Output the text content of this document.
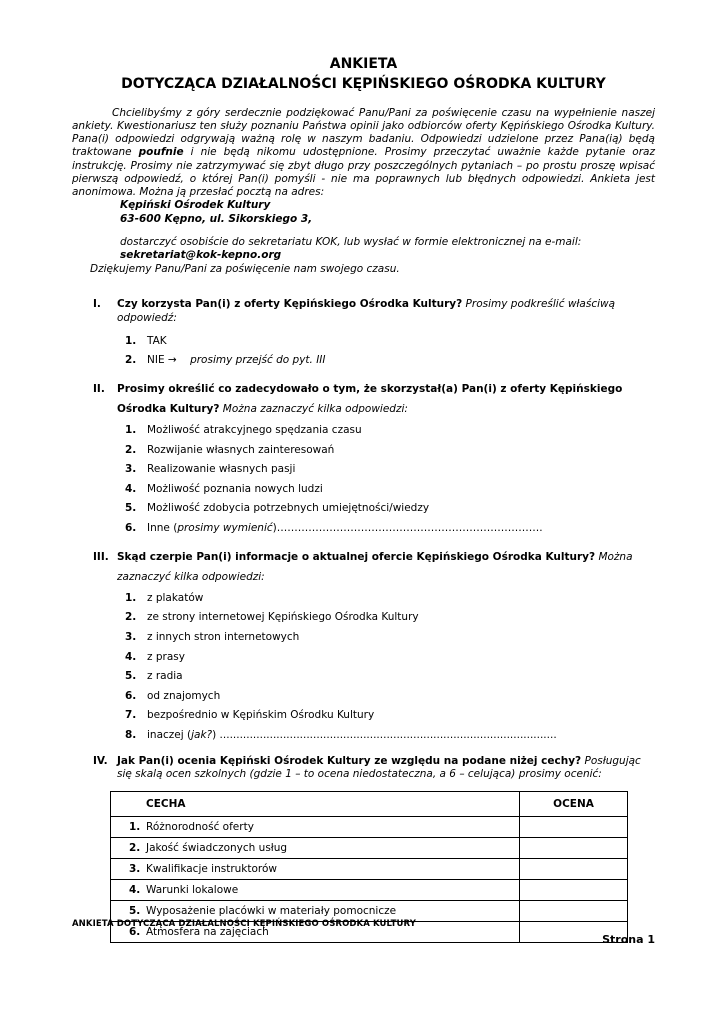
ANKIETA
DOTYCZĄCA DZIAŁALNOŚCI KĘPIŃSKIEGO OŚRODKA KULTURY

Chcielibyśmy z góry serdecznie podziękować Panu/Pani za poświęcenie czasu na wypełnienie naszej ankiety. Kwestionariusz ten służy poznaniu Państwa opinii jako odbiorców oferty Kępińskiego Ośrodka Kultury. Pana(i) odpowiedzi odgrywają ważną rolę w naszym badaniu. Odpowiedzi udzielone przez Pana(ią) będą traktowane poufnie i nie będą nikomu udostępnione. Prosimy przeczytać uważnie każde pytanie oraz instrukcję. Prosimy nie zatrzymywać się zbyt długo przy poszczególnych pytaniach – po prostu proszę wpisać pierwszą odpowiedź, o której Pan(i) pomyśli - nie ma poprawnych lub błędnych odpowiedzi. Ankieta jest anonimowa. Można ją przesłać pocztą na adres:

Kępiński Ośrodek Kultury
63-600 Kępno, ul. Sikorskiego 3,
dostarczyć osobiście do sekretariatu KOK, lub wysłać w formie elektronicznej na e-mail:
sekretariat@kok-kepno.org
Dziękujemy Panu/Pani za poświęcenie nam swojego czasu.
I.	Czy korzysta Pan(i) z oferty Kępińskiego Ośrodka Kultury? Prosimy podkreślić właściwą odpowiedź:
1.	TAK
2.	NIE →    prosimy przejść do pyt. III
II.	Prosimy określić co zadecydowało o tym, że skorzystał(a) Pan(i) z oferty Kępińskiego Ośrodka Kultury? Można zaznaczyć kilka odpowiedzi:
1.	Możliwość atrakcyjnego spędzania czasu
2.	Rozwijanie własnych zainteresowań
3.	Realizowanie własnych pasji
4.	Możliwość poznania nowych ludzi
5.	Możliwość zdobycia potrzebnych umiejętności/wiedzy
6.	Inne (prosimy wymienić)………………………………………………………………….
III. Skąd czerpie Pan(i) informacje o aktualnej ofercie Kępińskiego Ośrodka Kultury? Można zaznaczyć kilka odpowiedzi:
1.	z plakatów
2.	ze strony internetowej Kępińskiego Ośrodka Kultury
3.	z innych stron internetowych
4.	z prasy
5.	z radia
6.	od znajomych
7.	bezpośrednio w Kępińskim Ośrodku Kultury
8.	inaczej (jak?) .....................................................................................................
IV. Jak Pan(i) ocenia Kępiński Ośrodek Kultury ze względu na podane niżej cechy? Posługując się skalą ocen szkolnych (gdzie 1 – to ocena niedostateczna, a 6 – celująca) prosimy ocenić:
CECHA	OCENA
1. Różnorodność oferty	
2. Jakość świadczonych usług	
3. Kwalifikacje instruktorów	
4. Warunki lokalowe	
5. Wyposażenie placówki w materiały pomocnicze	
6. Atmosfera na zajęciach	
ANKIETA DOTYCZĄCA DZIAŁALNOŚCI KĘPIŃSKIEGO OŚRODKA KULTURY
Strona 1
